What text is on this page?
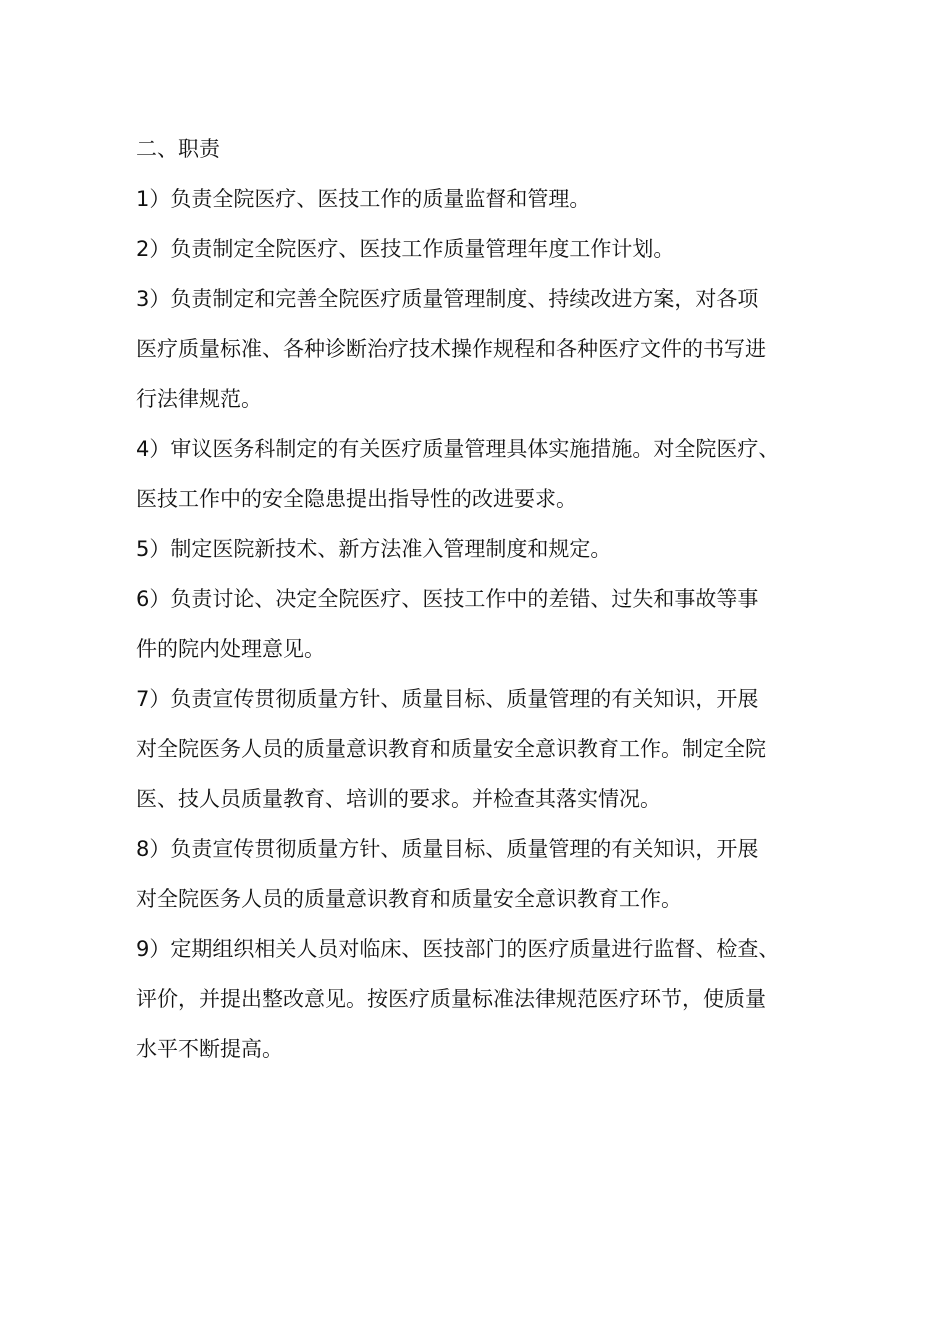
二、职责

1）负责全院医疗、医技工作的质量监督和管理。

2）负责制定全院医疗、医技工作质量管理年度工作计划。

3）负责制定和完善全院医疗质量管理制度、持续改进方案，对各项
医疗质量标准、各种诊断治疗技术操作规程和各种医疗文件的书写进
行法律规范。

4）审议医务科制定的有关医疗质量管理具体实施措施。对全院医疗、
医技工作中的安全隐患提出指导性的改进要求。

5）制定医院新技术、新方法准入管理制度和规定。

6）负责讨论、决定全院医疗、医技工作中的差错、过失和事故等事
件的院内处理意见。

7）负责宣传贯彻质量方针、质量目标、质量管理的有关知识，开展
对全院医务人员的质量意识教育和质量安全意识教育工作。制定全院
医、技人员质量教育、培训的要求。并检查其落实情况。

8）负责宣传贯彻质量方针、质量目标、质量管理的有关知识，开展
对全院医务人员的质量意识教育和质量安全意识教育工作。

9）定期组织相关人员对临床、医技部门的医疗质量进行监督、检查、
评价，并提出整改意见。按医疗质量标准法律规范医疗环节，使质量
水平不断提高。
